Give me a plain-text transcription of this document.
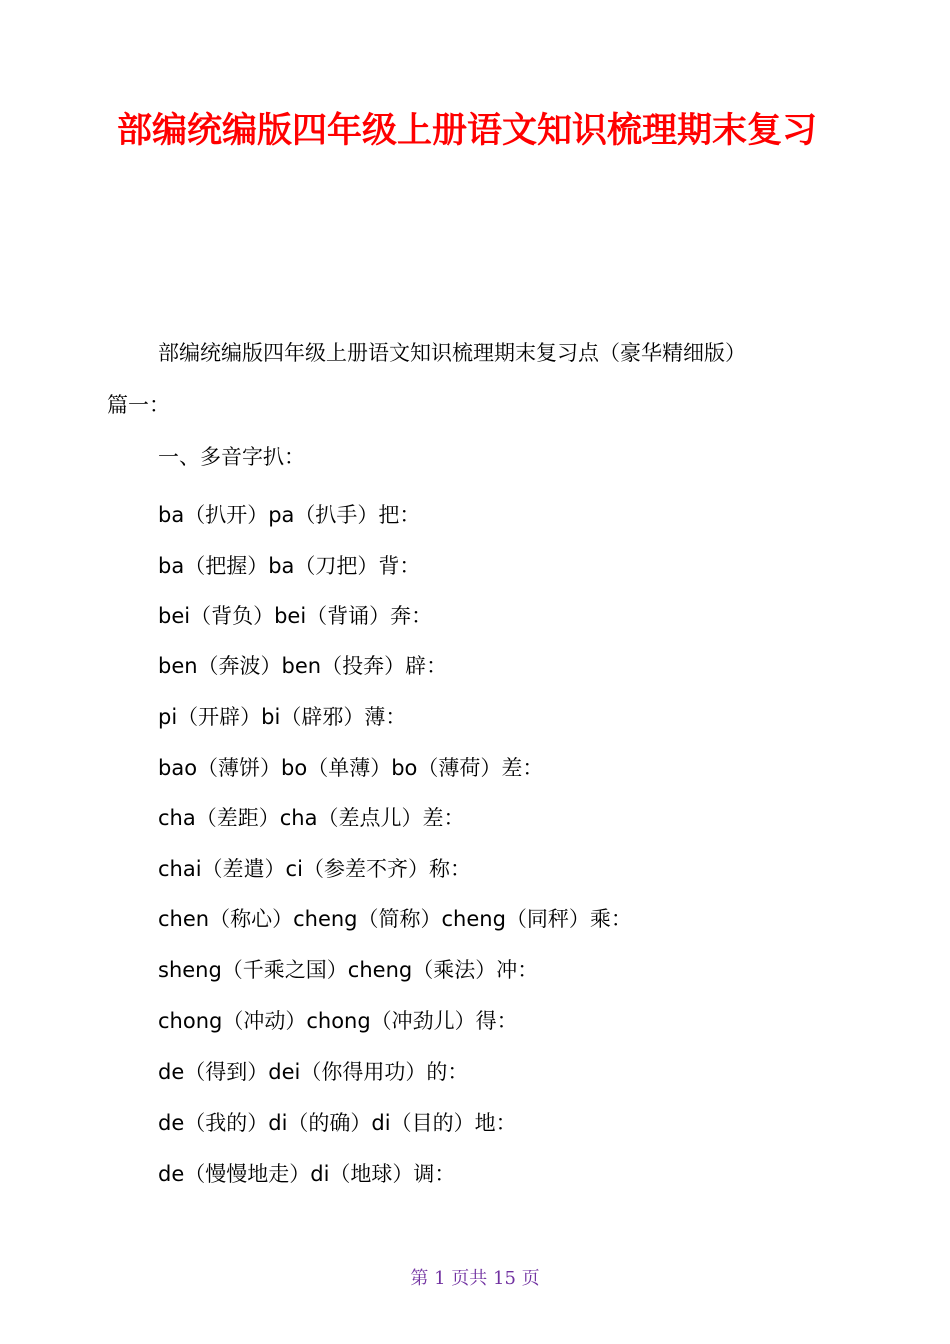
部编统编版四年级上册语文知识梳理期末复习
部编统编版四年级上册语文知识梳理期末复习点（豪华精细版）
篇一：
一、多音字扒：
ba（扒开）pa（扒手）把：
ba（把握）ba（刀把）背：
bei（背负）bei（背诵）奔：
ben（奔波）ben（投奔）辟：
pi（开辟）bi（辟邪）薄：
bao（薄饼）bo（单薄）bo（薄荷）差：
cha（差距）cha（差点儿）差：
chai（差遣）ci（参差不齐）称：
chen（称心）cheng（简称）cheng（同秤）乘：
sheng（千乘之国）cheng（乘法）冲：
chong（冲动）chong（冲劲儿）得：
de（得到）dei（你得用功）的：
de（我的）di（的确）di（目的）地：
de（慢慢地走）di（地球）调：
第 1 页共 15 页
